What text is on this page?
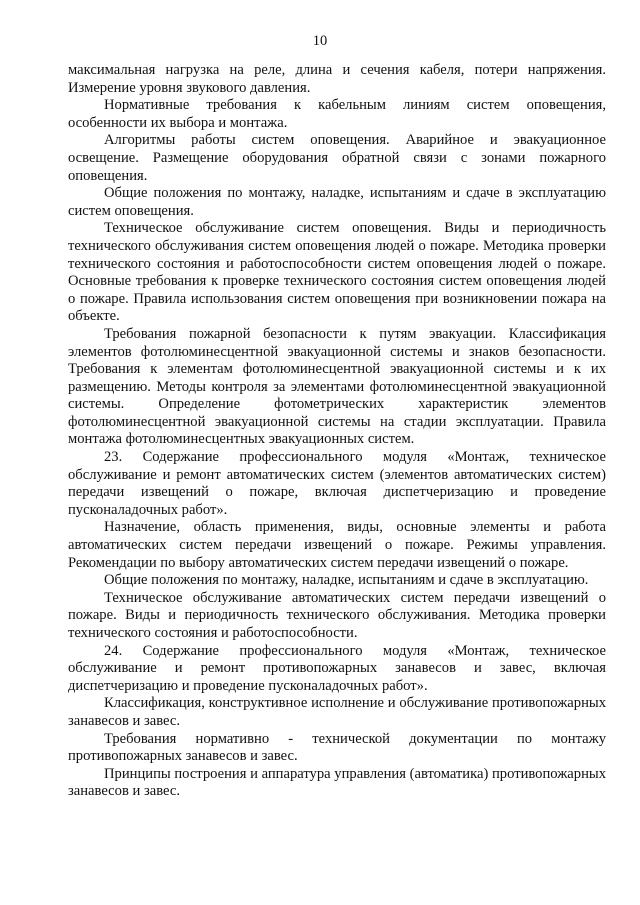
10

максимальная нагрузка на реле, длина и сечения кабеля, потери напряжения. Измерение уровня звукового давления.

Нормативные требования к кабельным линиям систем оповещения, особенности их выбора и монтажа.

Алгоритмы работы систем оповещения. Аварийное и эвакуационное освещение. Размещение оборудования обратной связи с зонами пожарного оповещения.

Общие положения по монтажу, наладке, испытаниям и сдаче в эксплуатацию систем оповещения.

Техническое обслуживание систем оповещения. Виды и периодичность технического обслуживания систем оповещения людей о пожаре. Методика проверки технического состояния и работоспособности систем оповещения людей о пожаре. Основные требования к проверке технического состояния систем оповещения людей о пожаре. Правила использования систем оповещения при возникновении пожара на объекте.

Требования пожарной безопасности к путям эвакуации. Классификация элементов фотолюминесцентной эвакуационной системы и знаков безопасности. Требования к элементам фотолюминесцентной эвакуационной системы и к их размещению. Методы контроля за элементами фотолюминесцентной эвакуационной системы. Определение фотометрических характеристик элементов фотолюминесцентной эвакуационной системы на стадии эксплуатации. Правила монтажа фотолюминесцентных эвакуационных систем.

23. Содержание профессионального модуля «Монтаж, техническое обслуживание и ремонт автоматических систем (элементов автоматических систем) передачи извещений о пожаре, включая диспетчеризацию и проведение пусконаладочных работ».

Назначение, область применения, виды, основные элементы и работа автоматических систем передачи извещений о пожаре. Режимы управления. Рекомендации по выбору автоматических систем передачи извещений о пожаре.

Общие положения по монтажу, наладке, испытаниям и сдаче в эксплуатацию.

Техническое обслуживание автоматических систем передачи извещений о пожаре. Виды и периодичность технического обслуживания. Методика проверки технического состояния и работоспособности.

24. Содержание профессионального модуля «Монтаж, техническое обслуживание и ремонт противопожарных занавесов и завес, включая диспетчеризацию и проведение пусконаладочных работ».

Классификация, конструктивное исполнение и обслуживание противопожарных занавесов и завес.

Требования нормативно - технической документации по монтажу противопожарных занавесов и завес.

Принципы построения и аппаратура управления (автоматика) противопожарных занавесов и завес.
